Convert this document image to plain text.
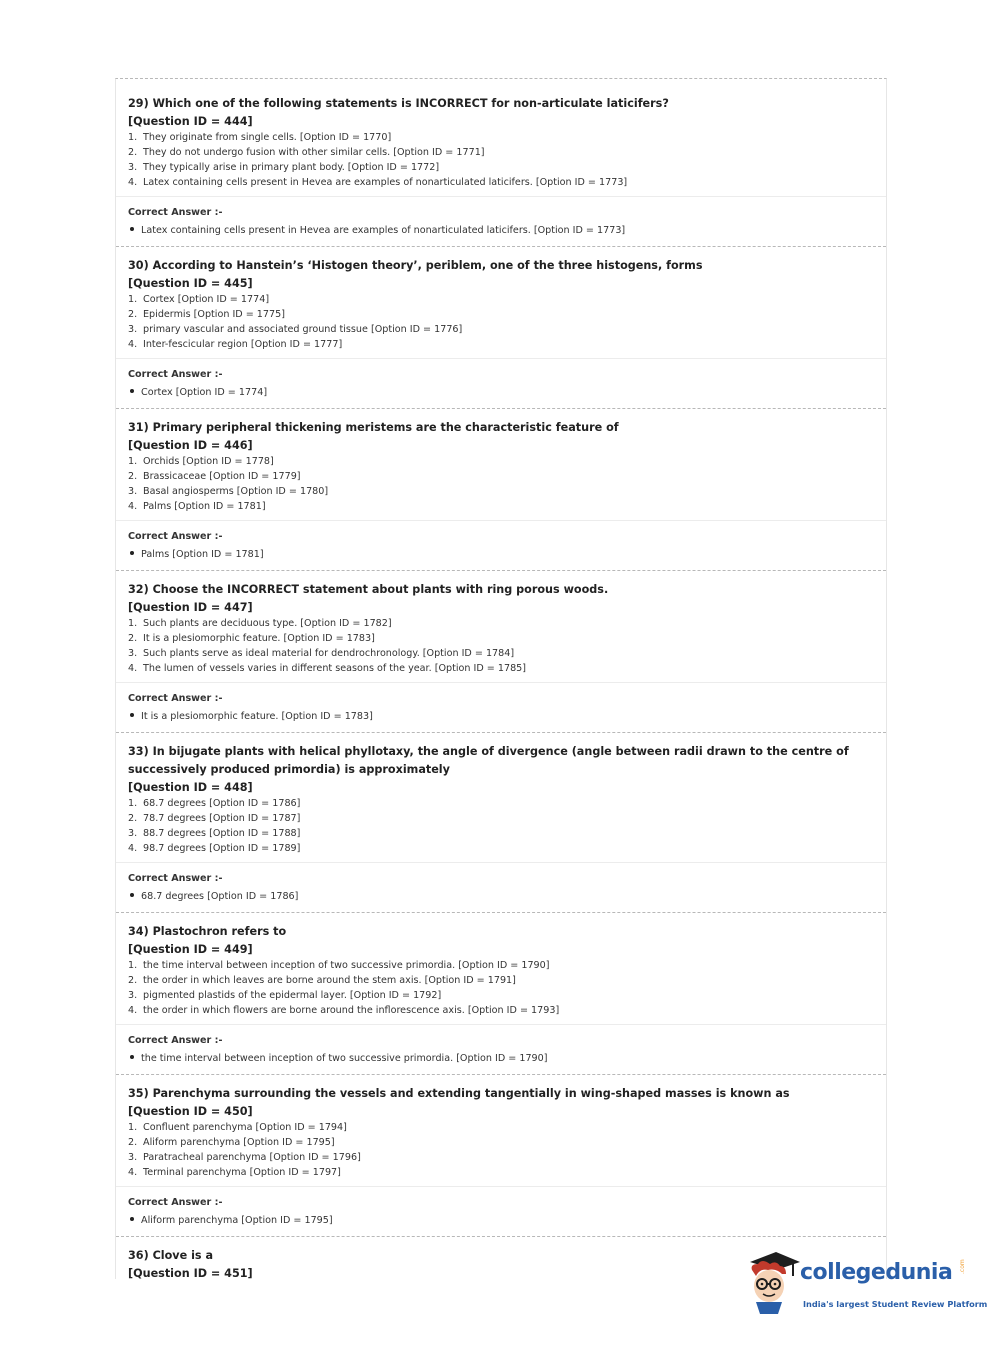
29) Which one of the following statements is INCORRECT for non-articulate laticifers?
[Question ID = 444]
1. They originate from single cells. [Option ID = 1770]
2. They do not undergo fusion with other similar cells. [Option ID = 1771]
3. They typically arise in primary plant body. [Option ID = 1772]
4. Latex containing cells present in Hevea are examples of nonarticulated laticifers. [Option ID = 1773]
Correct Answer :-
Latex containing cells present in Hevea are examples of nonarticulated laticifers. [Option ID = 1773]
30) According to Hanstein’s ‘Histogen theory’, periblem, one of the three histogens, forms
[Question ID = 445]
1. Cortex [Option ID = 1774]
2. Epidermis [Option ID = 1775]
3. primary vascular and associated ground tissue [Option ID = 1776]
4. Inter-fescicular region [Option ID = 1777]
Correct Answer :-
Cortex [Option ID = 1774]
31) Primary peripheral thickening meristems are the characteristic feature of
[Question ID = 446]
1. Orchids [Option ID = 1778]
2. Brassicaceae [Option ID = 1779]
3. Basal angiosperms [Option ID = 1780]
4. Palms [Option ID = 1781]
Correct Answer :-
Palms [Option ID = 1781]
32) Choose the INCORRECT statement about plants with ring porous woods.
[Question ID = 447]
1. Such plants are deciduous type. [Option ID = 1782]
2. It is a plesiomorphic feature. [Option ID = 1783]
3. Such plants serve as ideal material for dendrochronology. [Option ID = 1784]
4. The lumen of vessels varies in different seasons of the year. [Option ID = 1785]
Correct Answer :-
It is a plesiomorphic feature. [Option ID = 1783]
33) In bijugate plants with helical phyllotaxy, the angle of divergence (angle between radii drawn to the centre of successively produced primordia) is approximately
[Question ID = 448]
1. 68.7 degrees [Option ID = 1786]
2. 78.7 degrees [Option ID = 1787]
3. 88.7 degrees [Option ID = 1788]
4. 98.7 degrees [Option ID = 1789]
Correct Answer :-
68.7 degrees [Option ID = 1786]
34) Plastochron refers to
[Question ID = 449]
1. the time interval between inception of two successive primordia. [Option ID = 1790]
2. the order in which leaves are borne around the stem axis. [Option ID = 1791]
3. pigmented plastids of the epidermal layer. [Option ID = 1792]
4. the order in which flowers are borne around the inflorescence axis. [Option ID = 1793]
Correct Answer :-
the time interval between inception of two successive primordia. [Option ID = 1790]
35) Parenchyma surrounding the vessels and extending tangentially in wing-shaped masses is known as
[Question ID = 450]
1. Confluent parenchyma [Option ID = 1794]
2. Aliform parenchyma [Option ID = 1795]
3. Paratracheal parenchyma [Option ID = 1796]
4. Terminal parenchyma [Option ID = 1797]
Correct Answer :-
Aliform parenchyma [Option ID = 1795]
36) Clove is a
[Question ID = 451]	collegedunia .com
India's largest Student Review Platform
